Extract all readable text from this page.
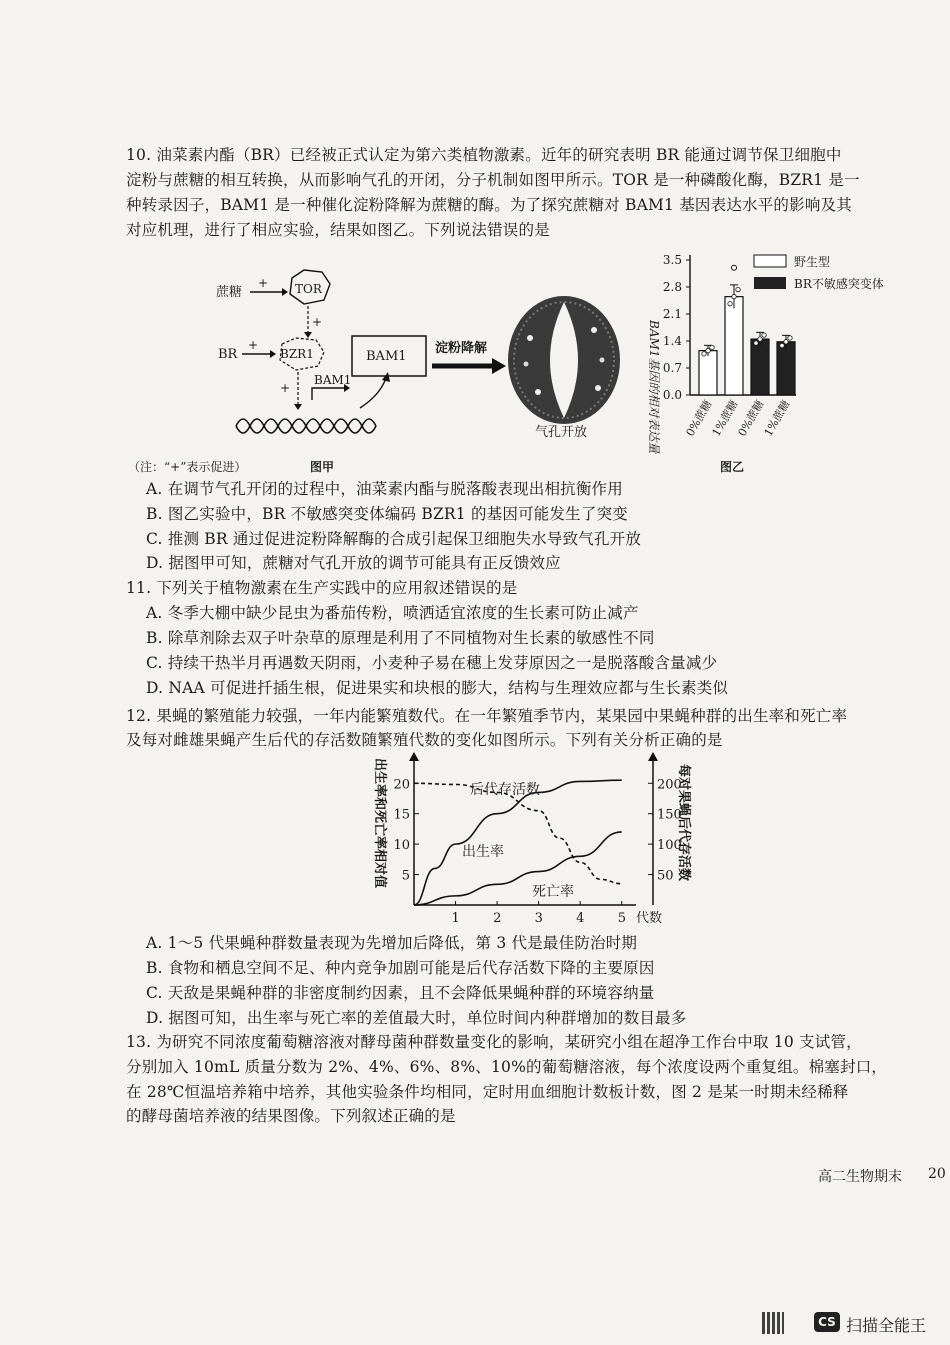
10. 油菜素内酯（BR）已经被正式认定为第六类植物激素。近年的研究表明 BR 能通过调节保卫细胞中
淀粉与蔗糖的相互转换，从而影响气孔的开闭，分子机制如图甲所示。TOR 是一种磷酸化酶，BZR1 是一
种转录因子，BAM1 是一种催化淀粉降解为蔗糖的酶。为了探究蔗糖对 BAM1 基因表达水平的影响及其
对应机理，进行了相应实验，结果如图乙。下列说法错误的是
蔗糖
+ TOR
+
BR
+
BZR1
+
BAM1
BAM1
淀粉降解
气孔开放	BAM1基因的相对表达量
3.5
2.8
2.1
1.4
0.7
0.0
0%蔗糖
1%蔗糖
0%蔗糖
1%蔗糖
野生型
BR不敏感突变体
（注：“+”表示促进）	图甲	图乙
A. 在调节气孔开闭的过程中，油菜素内酯与脱落酸表现出相抗衡作用
B. 图乙实验中，BR 不敏感突变体编码 BZR1 的基因可能发生了突变
C. 推测 BR 通过促进淀粉降解酶的合成引起保卫细胞失水导致气孔开放
D. 据图甲可知，蔗糖对气孔开放的调节可能具有正反馈效应
11. 下列关于植物激素在生产实践中的应用叙述错误的是
A. 冬季大棚中缺少昆虫为番茄传粉，喷洒适宜浓度的生长素可防止减产
B. 除草剂除去双子叶杂草的原理是利用了不同植物对生长素的敏感性不同
C. 持续干热半月再遇数天阴雨，小麦种子易在穗上发芽原因之一是脱落酸含量减少
D. NAA 可促进扦插生根，促进果实和块根的膨大，结构与生理效应都与生长素类似
12. 果蝇的繁殖能力较强，一年内能繁殖数代。在一年繁殖季节内，某果园中果蝇种群的出生率和死亡率
及每对雌雄果蝇产生后代的存活数随繁殖代数的变化如图所示。下列有关分析正确的是
出生率和死亡率相对值	每对果蝇后代存活数
20
15
10
5
200
150
100
50
1	2	3	4	5 代数
出生率
死亡率
后代存活数
A. 1～5 代果蝇种群数量表现为先增加后降低，第 3 代是最佳防治时期
B. 食物和栖息空间不足、种内竞争加剧可能是后代存活数下降的主要原因
C. 天敌是果蝇种群的非密度制约因素，且不会降低果蝇种群的环境容纳量
D. 据图可知，出生率与死亡率的差值最大时，单位时间内种群增加的数目最多
13. 为研究不同浓度葡萄糖溶液对酵母菌种群数量变化的影响，某研究小组在超净工作台中取 10 支试管，
分别加入 10mL 质量分数为 2%、4%、6%、8%、10%的葡萄糖溶液，每个浓度设两个重复组。棉塞封口，
在 28℃恒温培养箱中培养，其他实验条件均相同，定时用血细胞计数板计数，图 2 是某一时期未经稀释
的酵母菌培养液的结果图像。下列叙述正确的是
高二生物期末 20
CS 扫描全能王
